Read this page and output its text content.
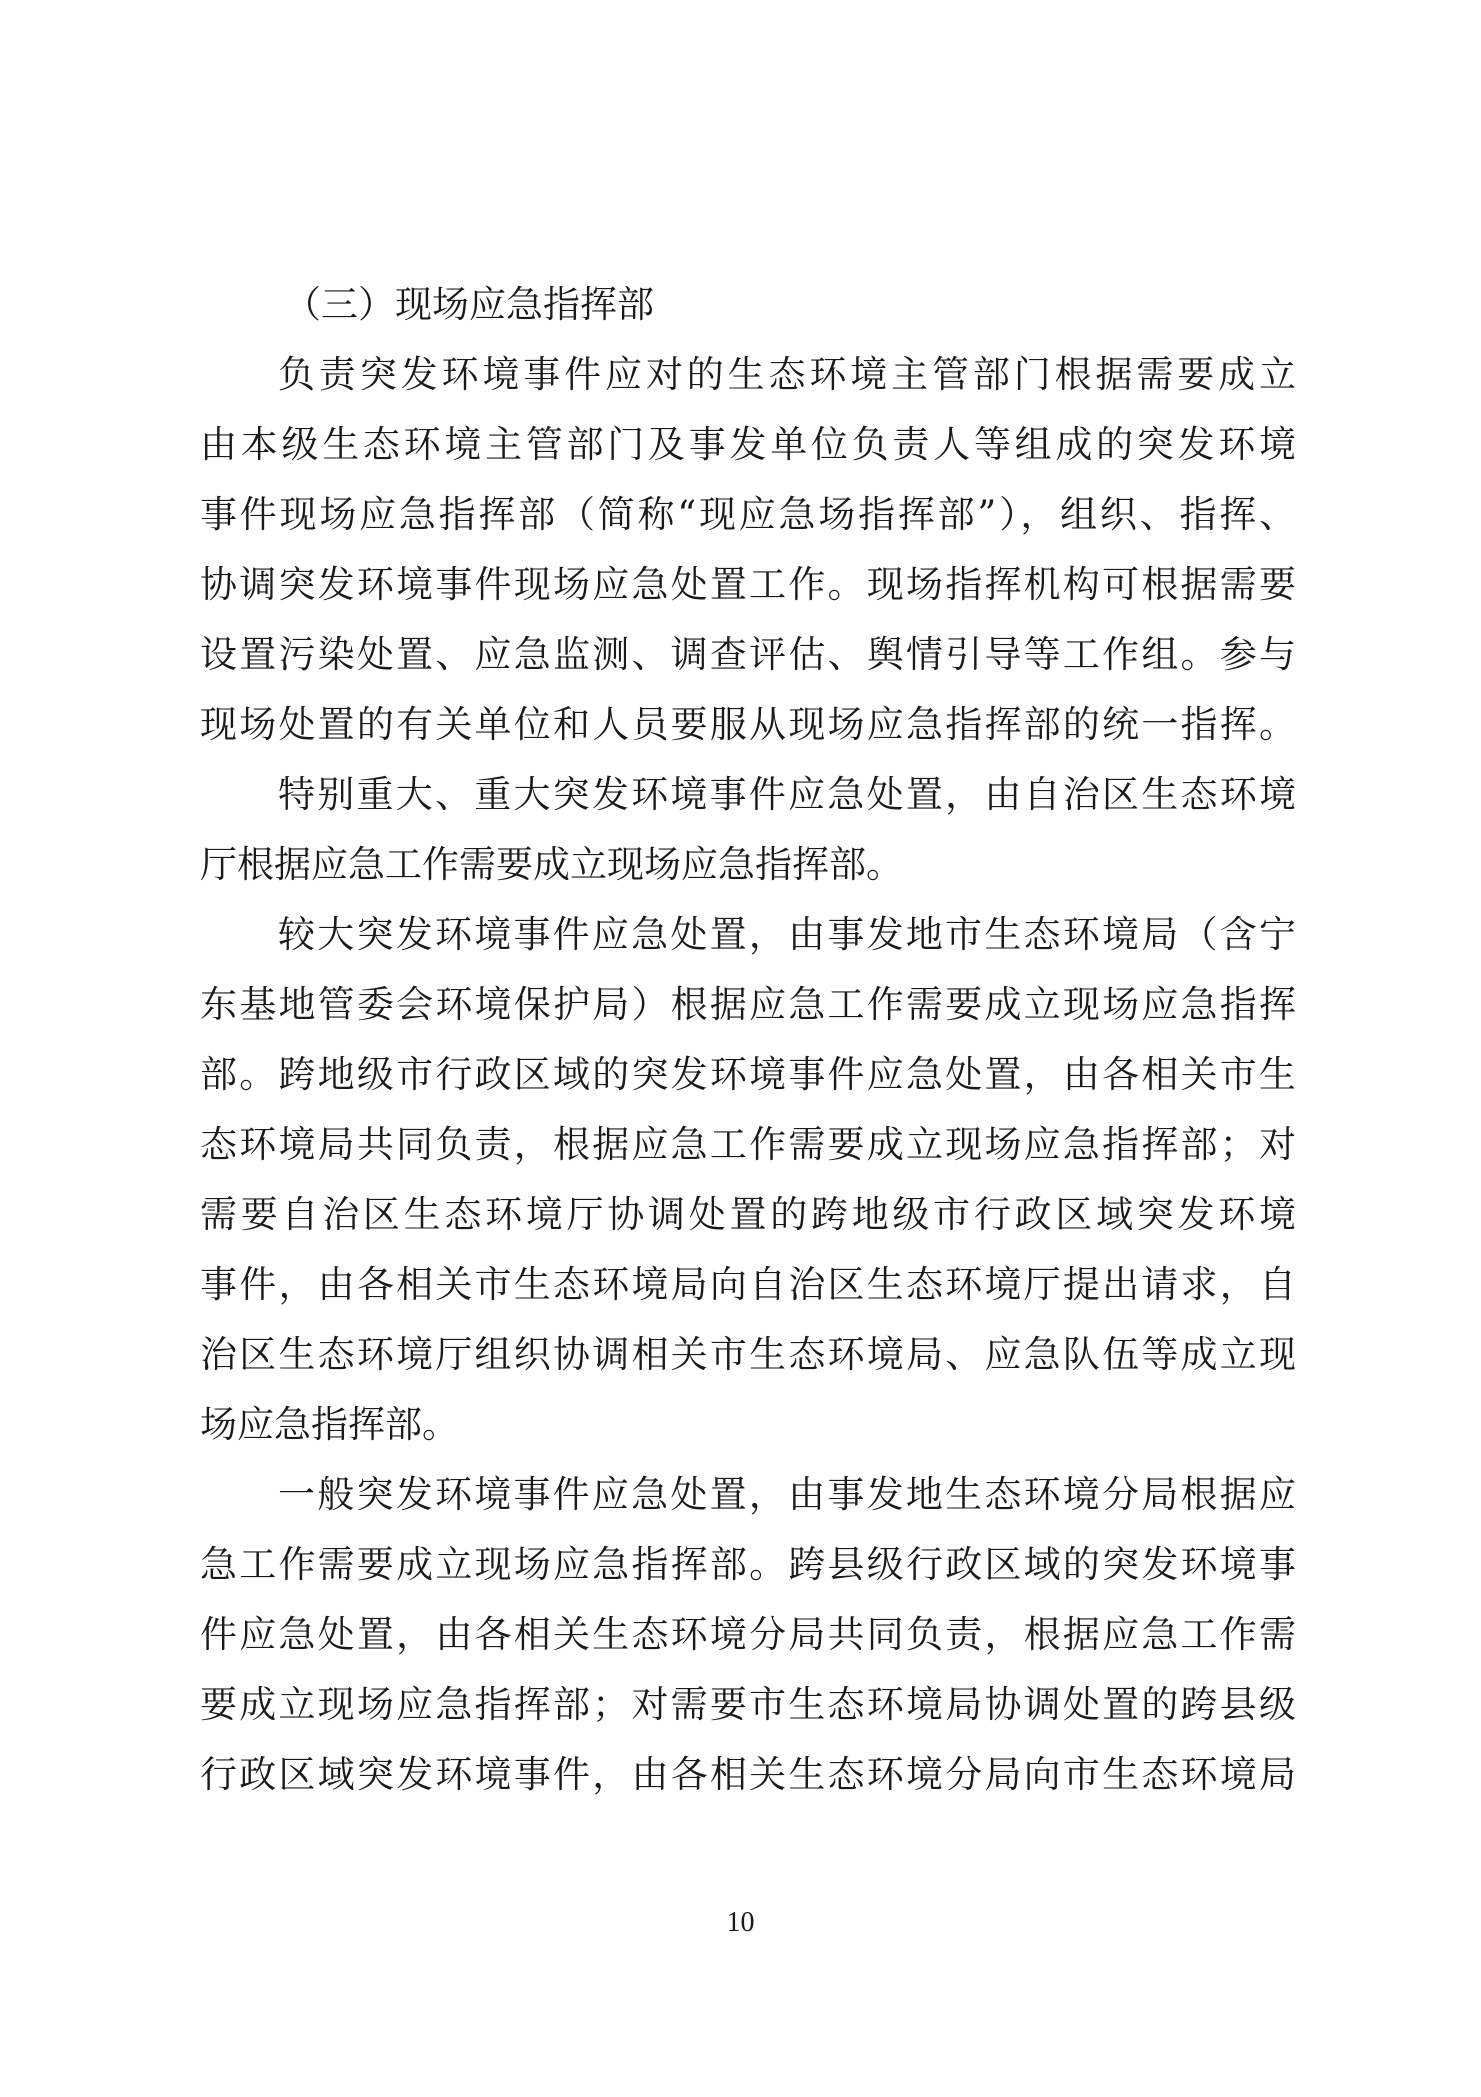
（三）现场应急指挥部
负责突发环境事件应对的生态环境主管部门根据需要成立
由本级生态环境主管部门及事发单位负责人等组成的突发环境
事件现场应急指挥部（简称“现应急场指挥部”），组织、指挥、
协调突发环境事件现场应急处置工作。现场指挥机构可根据需要
设置污染处置、应急监测、调查评估、舆情引导等工作组。参与
现场处置的有关单位和人员要服从现场应急指挥部的统一指挥。
特别重大、重大突发环境事件应急处置，由自治区生态环境
厅根据应急工作需要成立现场应急指挥部。
较大突发环境事件应急处置，由事发地市生态环境局（含宁
东基地管委会环境保护局）根据应急工作需要成立现场应急指挥
部。跨地级市行政区域的突发环境事件应急处置，由各相关市生
态环境局共同负责，根据应急工作需要成立现场应急指挥部；对
需要自治区生态环境厅协调处置的跨地级市行政区域突发环境
事件，由各相关市生态环境局向自治区生态环境厅提出请求，自
治区生态环境厅组织协调相关市生态环境局、应急队伍等成立现
场应急指挥部。
一般突发环境事件应急处置，由事发地生态环境分局根据应
急工作需要成立现场应急指挥部。跨县级行政区域的突发环境事
件应急处置，由各相关生态环境分局共同负责，根据应急工作需
要成立现场应急指挥部；对需要市生态环境局协调处置的跨县级
行政区域突发环境事件，由各相关生态环境分局向市生态环境局
10
